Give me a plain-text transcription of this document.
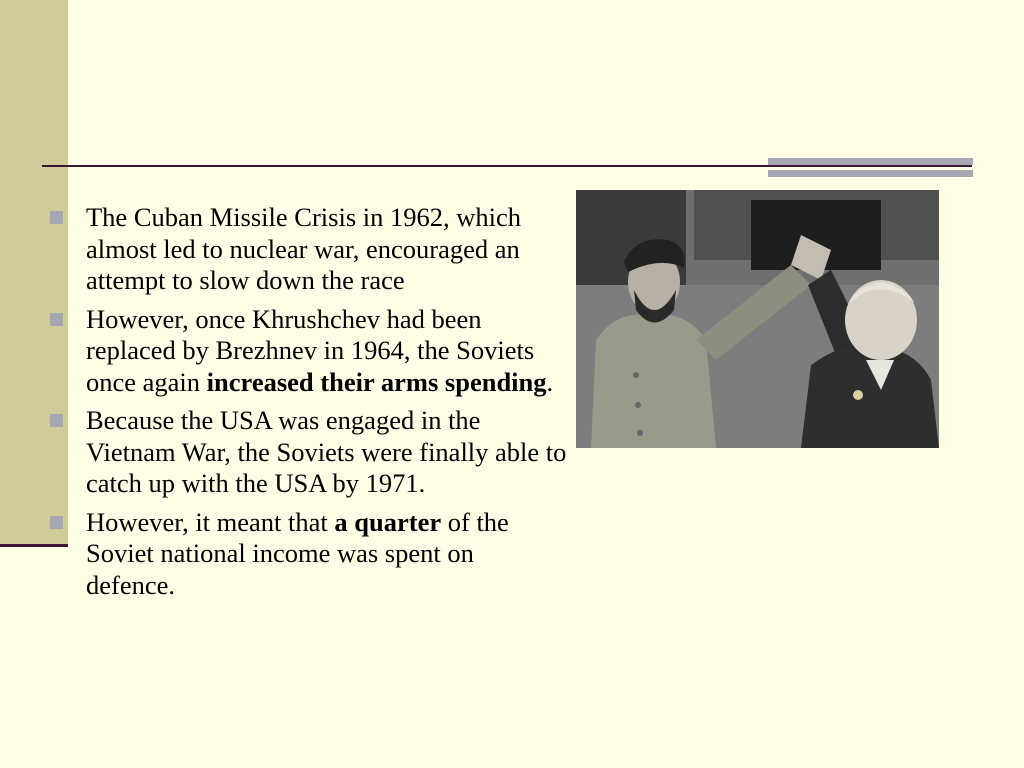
The Cuban Missile Crisis in 1962, which almost led to nuclear war, encouraged an attempt to slow down the race
However, once Khrushchev had been replaced by Brezhnev in 1964, the Soviets once again increased their arms spending.
Because the USA was engaged in the Vietnam War, the Soviets were finally able to catch up with the USA by 1971.
However, it meant that a quarter of the Soviet national income was spent on defence.
